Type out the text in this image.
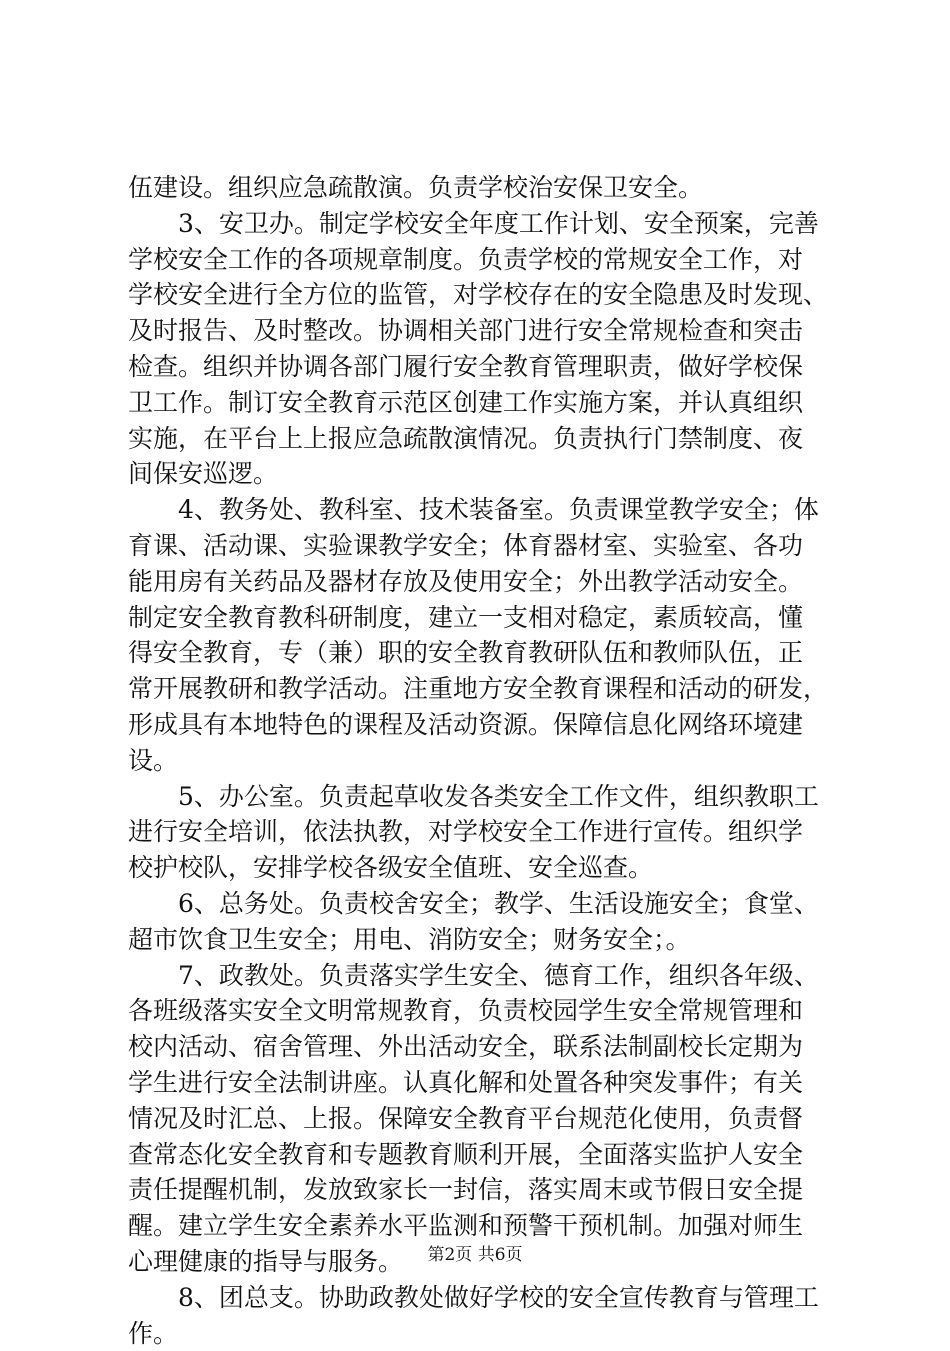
伍建设。组织应急疏散演。负责学校治安保卫安全。
3、安卫办。制定学校安全年度工作计划、安全预案，完善
学校安全工作的各项规章制度。负责学校的常规安全工作，对
学校安全进行全方位的监管，对学校存在的安全隐患及时发现、
及时报告、及时整改。协调相关部门进行安全常规检查和突击
检查。组织并协调各部门履行安全教育管理职责，做好学校保
卫工作。制订安全教育示范区创建工作实施方案，并认真组织
实施，在平台上上报应急疏散演情况。负责执行门禁制度、夜
间保安巡逻。
4、教务处、教科室、技术装备室。负责课堂教学安全；体
育课、活动课、实验课教学安全；体育器材室、实验室、各功
能用房有关药品及器材存放及使用安全；外出教学活动安全。
制定安全教育教科研制度，建立一支相对稳定，素质较高，懂
得安全教育，专（兼）职的安全教育教研队伍和教师队伍，正
常开展教研和教学活动。注重地方安全教育课程和活动的研发，
形成具有本地特色的课程及活动资源。保障信息化网络环境建
设。
5、办公室。负责起草收发各类安全工作文件，组织教职工
进行安全培训，依法执教，对学校安全工作进行宣传。组织学
校护校队，安排学校各级安全值班、安全巡查。
6、总务处。负责校舍安全；教学、生活设施安全；食堂、
超市饮食卫生安全；用电、消防安全；财务安全；。
7、政教处。负责落实学生安全、德育工作，组织各年级、
各班级落实安全文明常规教育，负责校园学生安全常规管理和
校内活动、宿舍管理、外出活动安全，联系法制副校长定期为
学生进行安全法制讲座。认真化解和处置各种突发事件；有关
情况及时汇总、上报。保障安全教育平台规范化使用，负责督
查常态化安全教育和专题教育顺利开展，全面落实监护人安全
责任提醒机制，发放致家长一封信，落实周末或节假日安全提
醒。建立学生安全素养水平监测和预警干预机制。加强对师生
心理健康的指导与服务。
8、团总支。协助政教处做好学校的安全宣传教育与管理工
作。
第2页 共6页
